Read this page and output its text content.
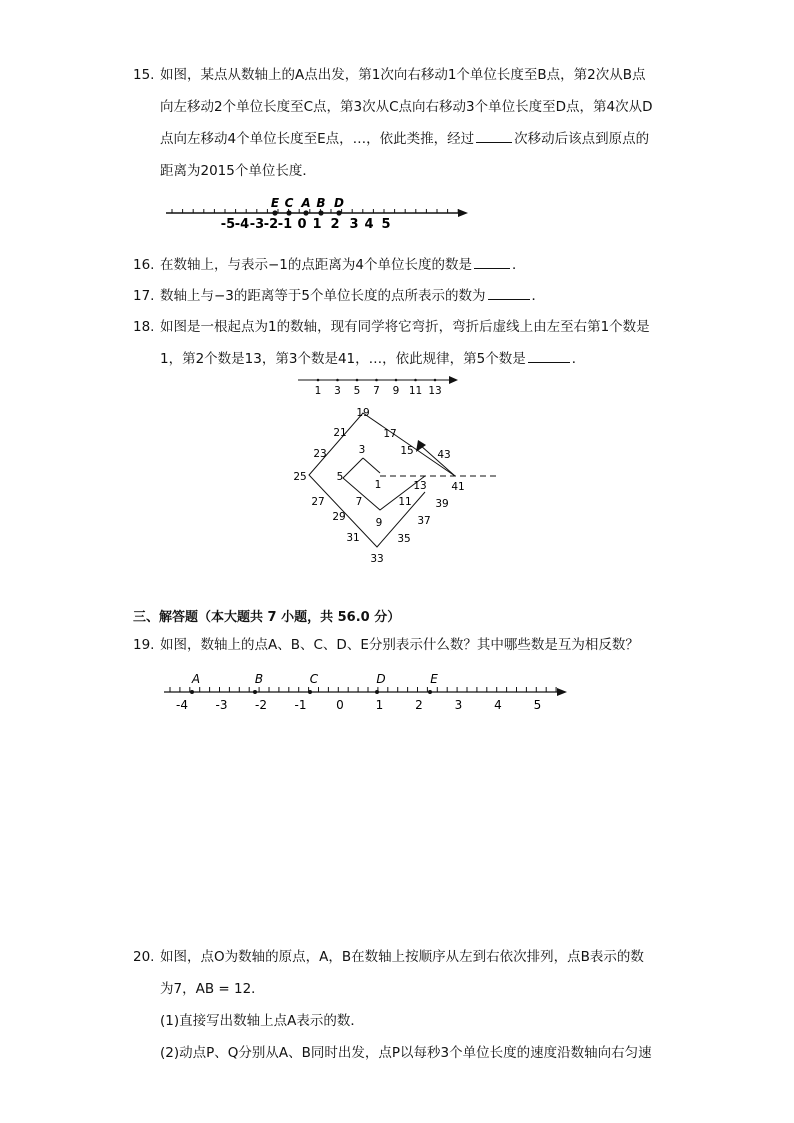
15. 如图，某点从数轴上的A点出发，第1次向右移动1个单位长度至B点，第2次从B点
向左移动2个单位长度至C点，第3次从C点向右移动3个单位长度至D点，第4次从D
点向左移动4个单位长度至E点，…，依此类推，经过	次移动后该点到原点的
距离为2015个单位长度．
-5 -4 -3 -2 -1 0 1 2 3 4 5
E C A B D
16. 在数轴上，与表示−1的点距离为4个单位长度的数是	．
17. 数轴上与−3的距离等于5个单位长度的点所表示的数为	．
18. 如图是一根起点为1的数轴，现有同学将它弯折，弯折后虚线上由左至右第1个数是
1，第2个数是13，第3个数是41，…，依此规律，第5个数是	．
1 3 5 7 9 11 13
19
21	17
23	15 43
3
25	5
1	13 41
27	7	11 39
29	9	37
31	35
33
三、解答题（本大题共 7 小题，共 56.0 分）
19. 如图，数轴上的点A、B、C、D、E分别表示什么数？其中哪些数是互为相反数？
-4 -3 -2 -1 0	1	2	3	4	5
A	B	C	D	E
20. 如图，点O为数轴的原点，A，B在数轴上按顺序从左到右依次排列，点B表示的数
为7，AB = 12．
(1)直接写出数轴上点A表示的数．
(2)动点P、Q分别从A、B同时出发，点P以每秒3个单位长度的速度沿数轴向右匀速
